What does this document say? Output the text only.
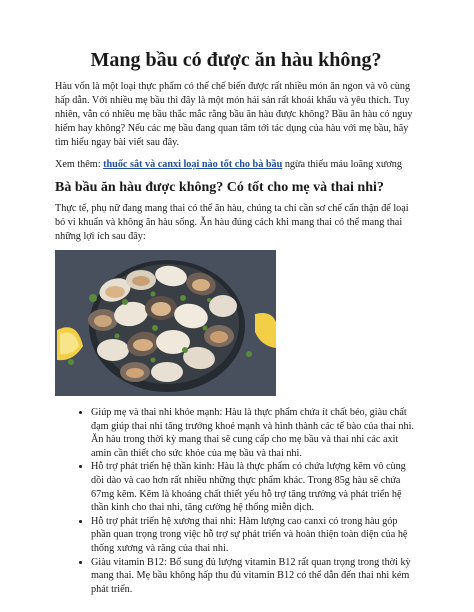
Mang bầu có được ăn hàu không?

Hàu vốn là một loại thực phẩm có thể chế biến được rất nhiều món ăn ngon và vô cùng hấp dẫn. Với nhiều mẹ bầu thì đây là một món hải sản rất khoái khẩu và yêu thích. Tuy nhiên, vẫn có nhiều mẹ bầu thắc mắc rằng bầu ăn hàu được không? Bầu ăn hàu có nguy hiểm hay không? Nếu các mẹ bầu đang quan tâm tới tác dụng của hàu với mẹ bầu, hãy tìm hiểu ngay bài viết sau đây.

Xem thêm: thuốc sắt và canxi loại nào tốt cho bà bầu ngừa thiếu máu loãng xương

Bà bầu ăn hàu được không? Có tốt cho mẹ và thai nhi?

Thực tế, phụ nữ đang mang thai có thể ăn hàu, chúng ta chỉ cần sơ chế cẩn thận để loại bỏ vi khuẩn và không ăn hàu sống. Ăn hàu đúng cách khi mang thai có thể mang thai những lợi ích sau đây:

• Giúp mẹ và thai nhi khỏe mạnh: Hàu là thực phẩm chứa ít chất béo, giàu chất đạm giúp thai nhi tăng trưởng khoẻ mạnh và hình thành các tế bào của thai nhi. Ăn hàu trong thời kỳ mang thai sẽ cung cấp cho mẹ bầu và thai nhi các axit amin cần thiết cho sức khỏe của mẹ bầu và thai nhi.
• Hỗ trợ phát triển hệ thần kinh: Hàu là thực phẩm có chứa lượng kẽm vô cùng dồi dào và cao hơn rất nhiều những thực phẩm khác. Trong 85g hàu sẽ chứa 67mg kẽm. Kẽm là khoáng chất thiết yếu hỗ trợ tăng trưởng và phát triển hệ thần kinh cho thai nhi, tăng cường hệ thống miễn dịch.
• Hỗ trợ phát triển hệ xương thai nhi: Hàm lượng cao canxi có trong hàu góp phần quan trọng trong việc hỗ trợ sự phát triển và hoàn thiện toàn diện của hệ thống xương và răng của thai nhi.
• Giàu vitamin B12: Bổ sung đủ lượng vitamin B12 rất quan trọng trong thời kỳ mang thai. Mẹ bầu không hấp thu đủ vitamin B12 có thể dẫn đến thai nhi kém phát triển.
